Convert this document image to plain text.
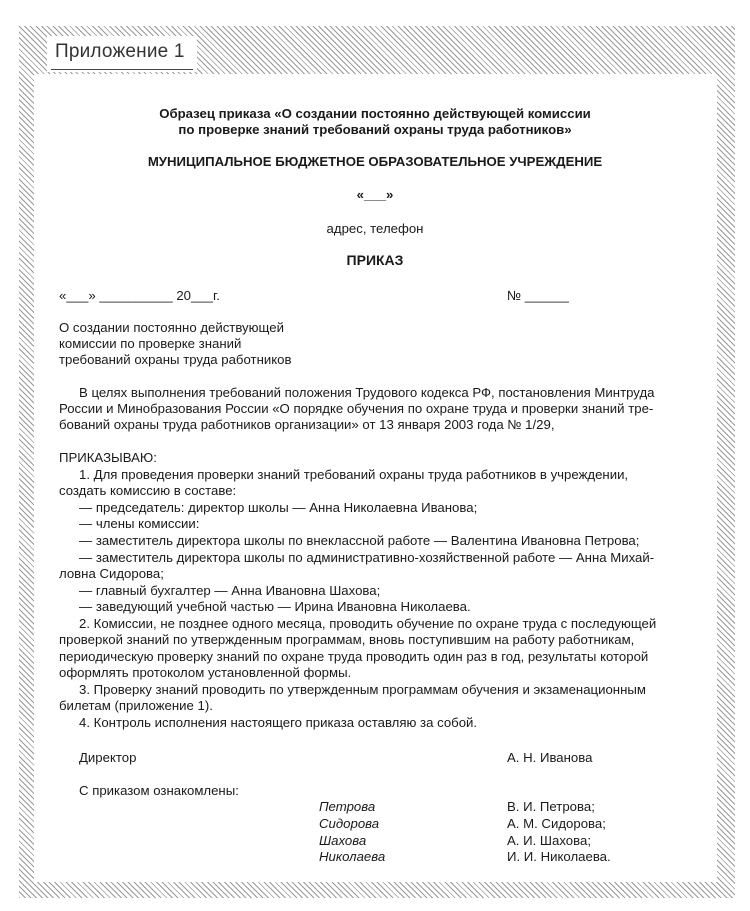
Приложение 1
Образец приказа «О создании постоянно действующей комиссии
по проверке знаний требований охраны труда работников»
МУНИЦИПАЛЬНОЕ БЮДЖЕТНОЕ ОБРАЗОВАТЕЛЬНОЕ УЧРЕЖДЕНИЕ
«___»
адрес, телефон
ПРИКАЗ
«___» __________ 20___г.	№ ______
О создании постоянно действующей
комиссии по проверке знаний
требований охраны труда работников
В целях выполнения требований положения Трудового кодекса РФ, постановления Минтруда
России и Минобразования России «О порядке обучения по охране труда и проверки знаний тре-
бований охраны труда работников организации» от 13 января 2003 года № 1/29,
ПРИКАЗЫВАЮ:
1. Для проведения проверки знаний требований охраны труда работников в учреждении,
создать комиссию в составе:
— председатель: директор школы — Анна Николаевна Иванова;
— члены комиссии:
— заместитель директора школы по внеклассной работе — Валентина Ивановна Петрова;
— заместитель директора школы по административно-хозяйственной работе — Анна Михай-
ловна Сидорова;
— главный бухгалтер — Анна Ивановна Шахова;
— заведующий учебной частью — Ирина Ивановна Николаева.
2. Комиссии, не позднее одного месяца, проводить обучение по охране труда с последующей
проверкой знаний по утвержденным программам, вновь поступившим на работу работникам,
периодическую проверку знаний по охране труда проводить один раз в год, результаты которой
оформлять протоколом установленной формы.
3. Проверку знаний проводить по утвержденным программам обучения и экзаменационным
билетам (приложение 1).
4. Контроль исполнения настоящего приказа оставляю за собой.
Директор	А. Н. Иванова
С приказом ознакомлены:
Петрова	В. И. Петрова;
Сидорова	А. М. Сидорова;
Шахова	А. И. Шахова;
Николаева	И. И. Николаева.
